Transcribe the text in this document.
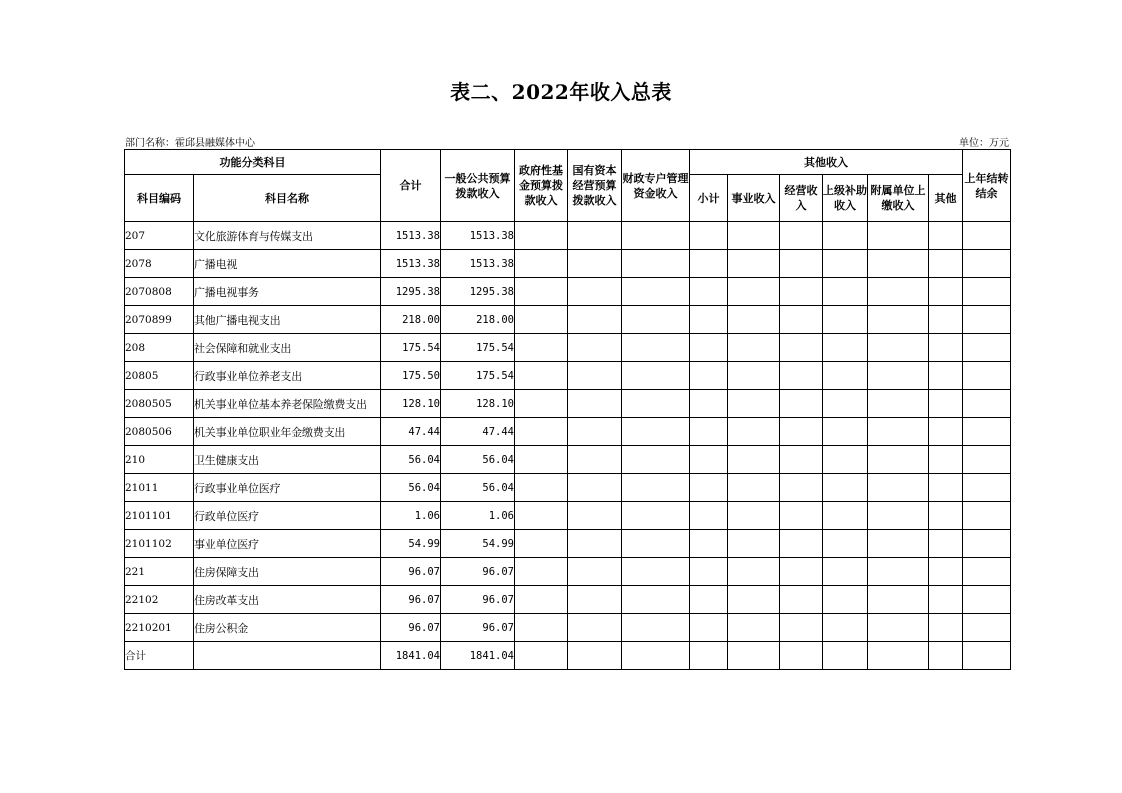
表二、2022年收入总表
部门名称：霍邱县融媒体中心	单位：万元
功能分类科目		合计	一般公共预算拨款收入	政府性基金预算拨款收入	国有资本经营预算拨款收入	财政专户管理资金收入	其他收入						上年结转结余
科目编码	科目名称						小计	事业收入	经营收入	上级补助收入	附属单位上缴收入	其他	
207	文化旅游体育与传媒支出	1513.38	1513.38										
2078	广播电视	1513.38	1513.38										
2070808	广播电视事务	1295.38	1295.38										
2070899	其他广播电视支出	218.00	218.00										
208	社会保障和就业支出	175.54	175.54										
20805	行政事业单位养老支出	175.50	175.54										
2080505	机关事业单位基本养老保险缴费支出	128.10	128.10										
2080506	机关事业单位职业年金缴费支出	47.44	47.44										
210	卫生健康支出	56.04	56.04										
21011	行政事业单位医疗	56.04	56.04										
2101101	行政单位医疗	1.06	1.06										
2101102	事业单位医疗	54.99	54.99										
221	住房保障支出	96.07	96.07										
22102	住房改革支出	96.07	96.07										
2210201	住房公积金	96.07	96.07										
合计		1841.04	1841.04										
